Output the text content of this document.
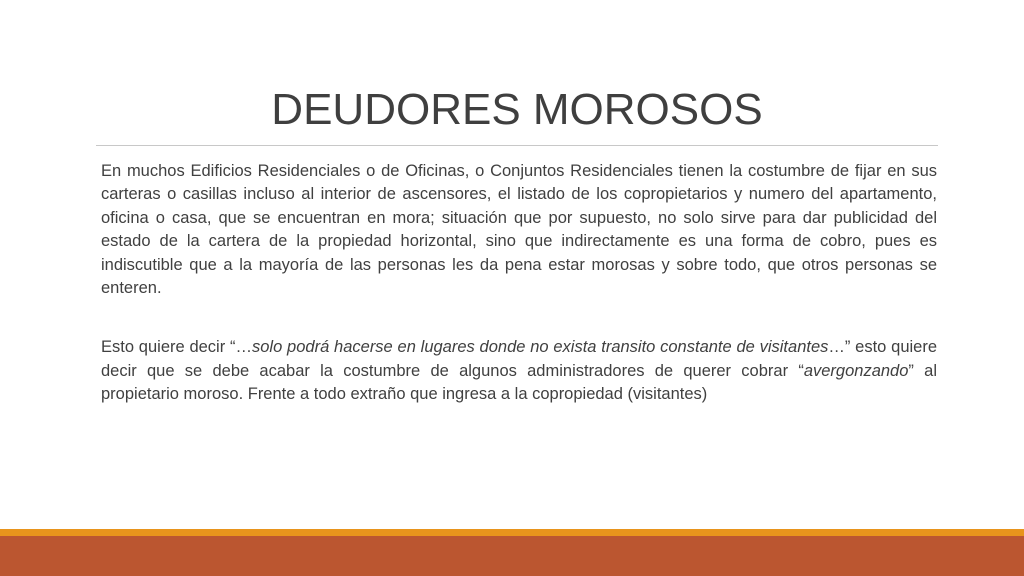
DEUDORES MOROSOS

En muchos Edificios Residenciales o de Oficinas, o Conjuntos Residenciales tienen la costumbre de fijar en sus carteras o casillas incluso al interior de ascensores, el listado de los copropietarios y numero del apartamento, oficina o casa, que se encuentran en mora; situación que por supuesto, no solo sirve para dar publicidad del estado de la cartera de la propiedad horizontal, sino que indirectamente es una forma de cobro, pues es indiscutible que a la mayoría de las personas les da pena estar morosas y sobre todo, que otros personas se enteren.

Esto quiere decir “…solo podrá hacerse en lugares donde no exista transito constante de visitantes…” esto quiere decir que se debe acabar la costumbre de algunos administradores de querer cobrar “avergonzando” al propietario moroso. Frente a todo extraño que ingresa a la copropiedad (visitantes)
